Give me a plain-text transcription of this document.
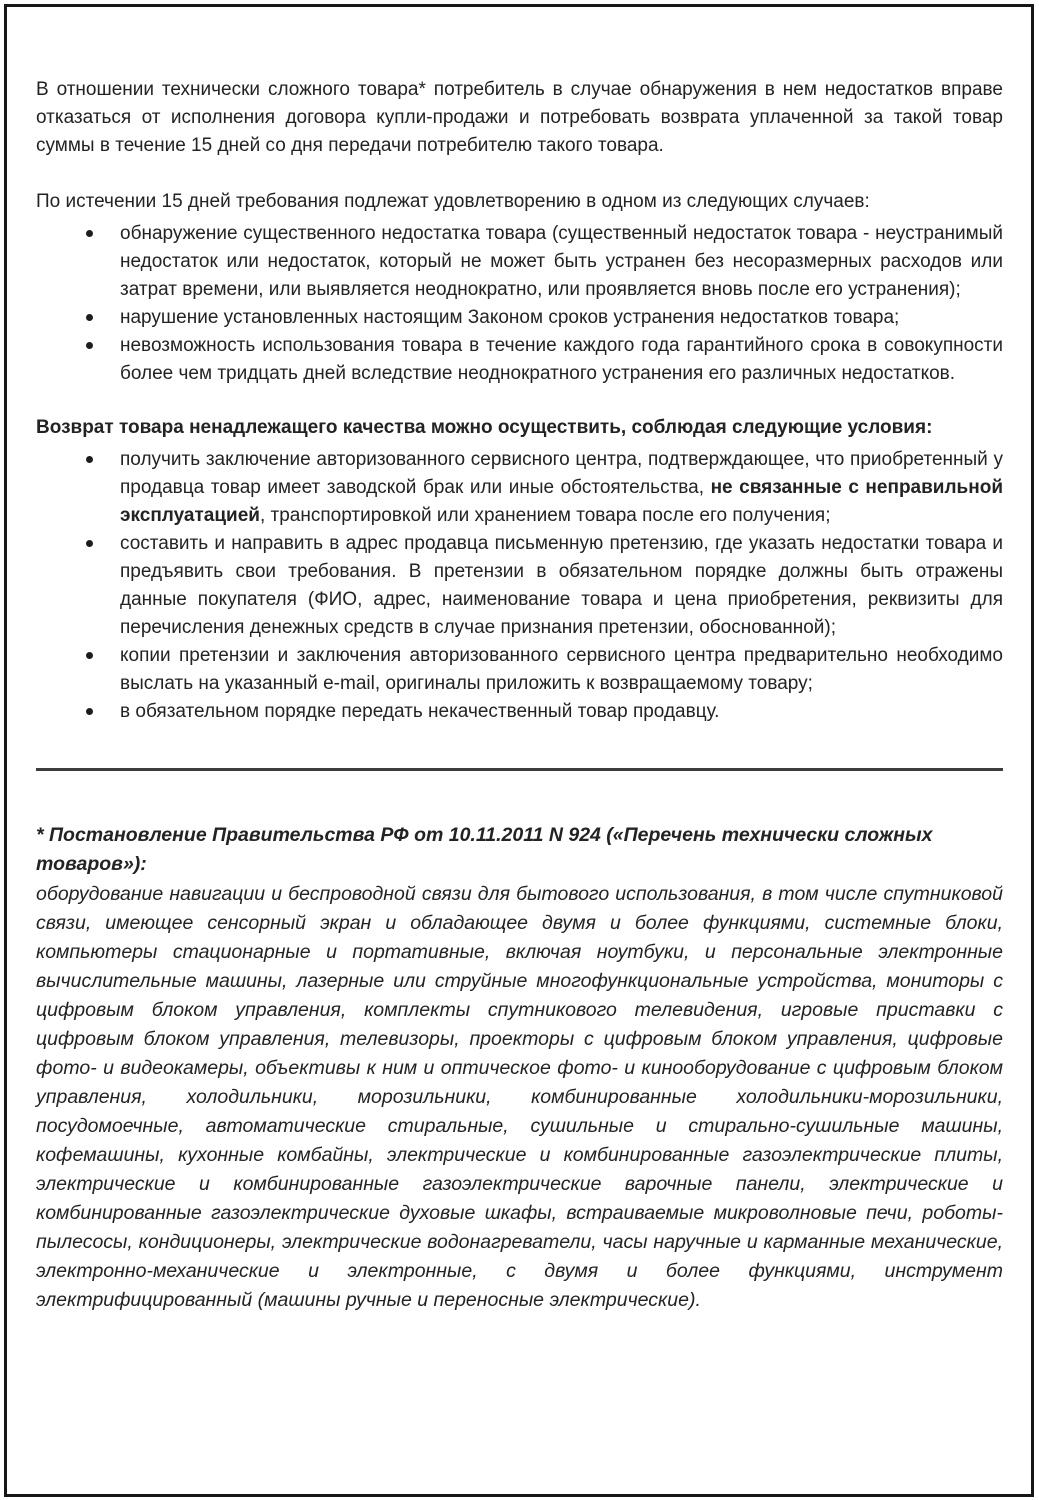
В отношении технически сложного товара* потребитель в случае обнаружения в нем недостатков вправе отказаться от исполнения договора купли-продажи и потребовать возврата уплаченной за такой товар суммы в течение 15 дней со дня передачи потребителю такого товара.

По истечении 15 дней требования подлежат удовлетворению в одном из следующих случаев:

обнаружение существенного недостатка товара (существенный недостаток товара - неустранимый недостаток или недостаток, который не может быть устранен без несоразмерных расходов или затрат времени, или выявляется неоднократно, или проявляется вновь после его устранения);
нарушение установленных настоящим Законом сроков устранения недостатков товара;
невозможность использования товара в течение каждого года гарантийного срока в совокупности более чем тридцать дней вследствие неоднократного устранения его различных недостатков.

Возврат товара ненадлежащего качества можно осуществить, соблюдая следующие условия:

получить заключение авторизованного сервисного центра, подтверждающее, что приобретенный у продавца товар имеет заводской брак или иные обстоятельства, не связанные с неправильной эксплуатацией, транспортировкой или хранением товара после его получения;
составить и направить в адрес продавца письменную претензию, где указать недостатки товара и предъявить свои требования. В претензии в обязательном порядке должны быть отражены данные покупателя (ФИО, адрес, наименование товара и цена приобретения, реквизиты для перечисления денежных средств в случае признания претензии, обоснованной);
копии претензии и заключения авторизованного сервисного центра предварительно необходимо выслать на указанный e-mail, оригиналы приложить к возвращаемому товару;
в обязательном порядке передать некачественный товар продавцу.

* Постановление Правительства РФ от 10.11.2011 N 924 («Перечень технически сложных товаров»):

оборудование навигации и беспроводной связи для бытового использования, в том числе спутниковой связи, имеющее сенсорный экран и обладающее двумя и более функциями, системные блоки, компьютеры стационарные и портативные, включая ноутбуки, и персональные электронные вычислительные машины, лазерные или струйные многофункциональные устройства, мониторы с цифровым блоком управления, комплекты спутникового телевидения, игровые приставки с цифровым блоком управления, телевизоры, проекторы с цифровым блоком управления, цифровые фото- и видеокамеры, объективы к ним и оптическое фото- и кинооборудование с цифровым блоком управления, холодильники, морозильники, комбинированные холодильники-морозильники, посудомоечные, автоматические стиральные, сушильные и стирально-сушильные машины, кофемашины, кухонные комбайны, электрические и комбинированные газоэлектрические плиты, электрические и комбинированные газоэлектрические варочные панели, электрические и комбинированные газоэлектрические духовые шкафы, встраиваемые микроволновые печи, роботы-пылесосы, кондиционеры, электрические водонагреватели, часы наручные и карманные механические, электронно-механические и электронные, с двумя и более функциями, инструмент электрифицированный (машины ручные и переносные электрические).
